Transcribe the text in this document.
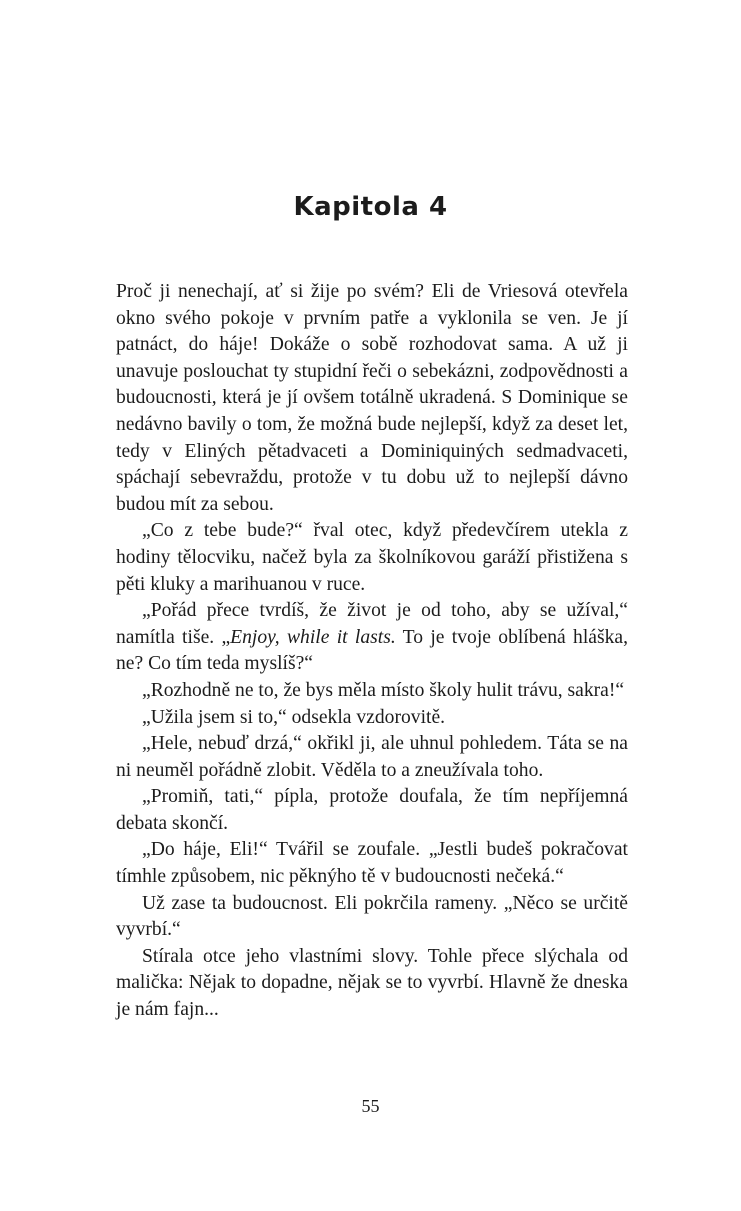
Kapitola 4

Proč ji nenechají, ať si žije po svém? Eli de Vriesová otevřela okno svého pokoje v prvním patře a vyklonila se ven. Je jí patnáct, do háje! Dokáže o sobě rozhodovat sama. A už ji unavuje poslouchat ty stupidní řeči o sebekázni, zodpovědnosti a budoucnosti, která je jí ovšem totálně ukradená. S Dominique se nedávno bavily o tom, že možná bude nejlepší, když za deset let, tedy v Eliných pětadvaceti a Dominiquiných sedmadvaceti, spáchají sebevraždu, protože v tu dobu už to nejlepší dávno budou mít za sebou.

„Co z tebe bude?“ řval otec, když předevčírem utekla z hodiny tělocviku, načež byla za školníkovou garáží přistižena s pěti kluky a marihuanou v ruce.

„Pořád přece tvrdíš, že život je od toho, aby se užíval,“ namítla tiše. „Enjoy, while it lasts. To je tvoje oblíbená hláška, ne? Co tím teda myslíš?“

„Rozhodně ne to, že bys měla místo školy hulit trávu, sakra!“

„Užila jsem si to,“ odsekla vzdorovitě.

„Hele, nebuď drzá,“ okřikl ji, ale uhnul pohledem. Táta se na ni neuměl pořádně zlobit. Věděla to a zneužívala toho.

„Promiň, tati,“ pípla, protože doufala, že tím nepříjemná debata skončí.

„Do háje, Eli!“ Tvářil se zoufale. „Jestli budeš pokračovat tímhle způsobem, nic pěknýho tě v budoucnosti nečeká.“

Už zase ta budoucnost. Eli pokrčila rameny. „Něco se určitě vyvrbí.“

Stírala otce jeho vlastními slovy. Tohle přece slýchala od malička: Nějak to dopadne, nějak se to vyvrbí. Hlavně že dneska je nám fajn...

55
